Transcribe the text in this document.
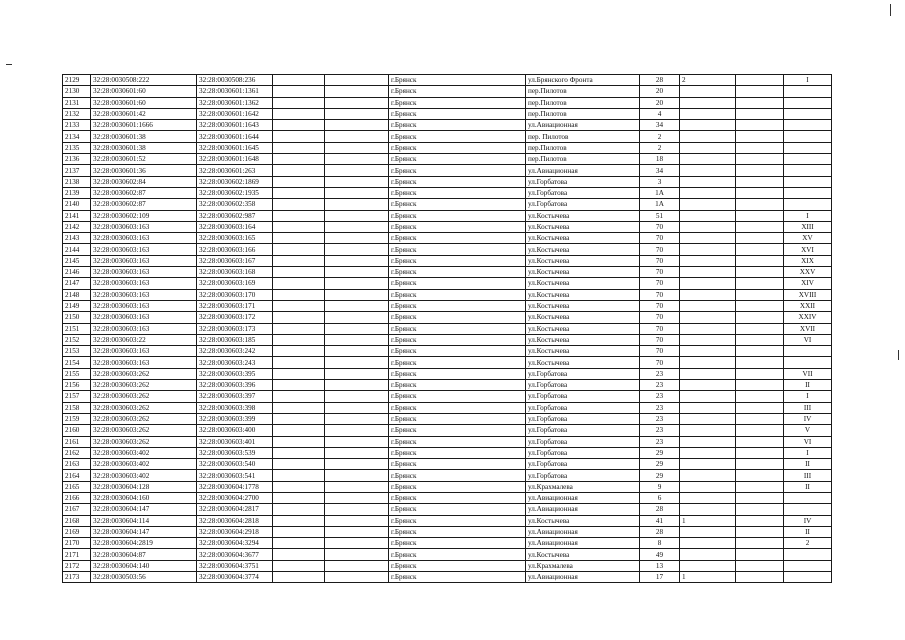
2129	32:28:0030508:222	32:28:0030508:236			г.Брянск	ул.Брянского Фронта	28	2		I
2130	32:28:0030601:60	32:28:0030601:1361			г.Брянск	пер.Пилотов	20			
2131	32:28:0030601:60	32:28:0030601:1362			г.Брянск	пер.Пилотов	20			
2132	32:28:0030601:42	32:28:0030601:1642			г.Брянск	пер.Пилотов	4			
2133	32:28:0030601:1666	32:28:0030601:1643			г.Брянск	ул.Авиационная	34			
2134	32:28:0030601:38	32:28:0030601:1644			г.Брянск	пер. Пилотов	2			
2135	32:28:0030601:38	32:28:0030601:1645			г.Брянск	пер.Пилотов	2			
2136	32:28:0030601:52	32:28:0030601:1648			г.Брянск	пер.Пилотов	18			
2137	32:28:0030601:36	32:28:0030601:263			г.Брянск	ул.Авиационная	34			
2138	32:28:0030602:84	32:28:0030602:1869			г.Брянск	ул.Горбатова	3			
2139	32:28:0030602:87	32:28:0030602:1935			г.Брянск	ул.Горбатова	1А			
2140	32:28:0030602:87	32:28:0030602:358			г.Брянск	ул.Горбатова	1А			
2141	32:28:0030602:109	32:28:0030602:987			г.Брянск	ул.Костычева	51			I
2142	32:28:0030603:163	32:28:0030603:164			г.Брянск	ул.Костычева	70			XIII
2143	32:28:0030603:163	32:28:0030603:165			г.Брянск	ул.Костычева	70			XV
2144	32:28:0030603:163	32:28:0030603:166			г.Брянск	ул.Костычева	70			XVI
2145	32:28:0030603:163	32:28:0030603:167			г.Брянск	ул.Костычева	70			XIX
2146	32:28:0030603:163	32:28:0030603:168			г.Брянск	ул.Костычева	70			XXV
2147	32:28:0030603:163	32:28:0030603:169			г.Брянск	ул.Костычева	70			XIV
2148	32:28:0030603:163	32:28:0030603:170			г.Брянск	ул.Костычева	70			XVIII
2149	32:28:0030603:163	32:28:0030603:171			г.Брянск	ул.Костычева	70			XXII
2150	32:28:0030603:163	32:28:0030603:172			г.Брянск	ул.Костычева	70			XXIV
2151	32:28:0030603:163	32:28:0030603:173			г.Брянск	ул.Костычева	70			XVII
2152	32:28:0030603:22	32:28:0030603:185			г.Брянск	ул.Костычева	70			VI
2153	32:28:0030603:163	32:28:0030603:242			г.Брянск	ул.Костычева	70			
2154	32:28:0030603:163	32:28:0030603:243			г.Брянск	ул.Костычева	70			
2155	32:28:0030603:262	32:28:0030603:395			г.Брянск	ул.Горбатова	23			VII
2156	32:28:0030603:262	32:28:0030603:396			г.Брянск	ул.Горбатова	23			II
2157	32:28:0030603:262	32:28:0030603:397			г.Брянск	ул.Горбатова	23			I
2158	32:28:0030603:262	32:28:0030603:398			г.Брянск	ул.Горбатова	23			III
2159	32:28:0030603:262	32:28:0030603:399			г.Брянск	ул.Горбатова	23			IV
2160	32:28:0030603:262	32:28:0030603:400			г.Брянск	ул.Горбатова	23			V
2161	32:28:0030603:262	32:28:0030603:401			г.Брянск	ул.Горбатова	23			VI
2162	32:28:0030603:402	32:28:0030603:539			г.Брянск	ул.Горбатова	29			I
2163	32:28:0030603:402	32:28:0030603:540			г.Брянск	ул.Горбатова	29			II
2164	32:28:0030603:402	32:28:0030603:541			г.Брянск	ул.Горбатова	29			III
2165	32:28:0030604:128	32:28:0030604:1778			г.Брянск	ул.Крахмалева	9			II
2166	32:28:0030604:160	32:28:0030604:2700			г.Брянск	ул.Авиационная	6			
2167	32:28:0030604:147	32:28:0030604:2817			г.Брянск	ул.Авиационная	28			
2168	32:28:0030604:114	32:28:0030604:2818			г.Брянск	ул.Костычева	41	1		IV
2169	32:28:0030604:147	32:28:0030604:2918			г.Брянск	ул.Авиационная	28			II
2170	32:28:0030604:2819	32:28:0030604:3294			г.Брянск	ул.Авиационная	8			2
2171	32:28:0030604:87	32:28:0030604:3677			г.Брянск	ул.Костычева	49			
2172	32:28:0030604:140	32:28:0030604:3751			г.Брянск	ул.Крахмалева	13			
2173	32:28:0030503:56	32:28:0030604:3774			г.Брянск	ул.Авиационная	17	1		
